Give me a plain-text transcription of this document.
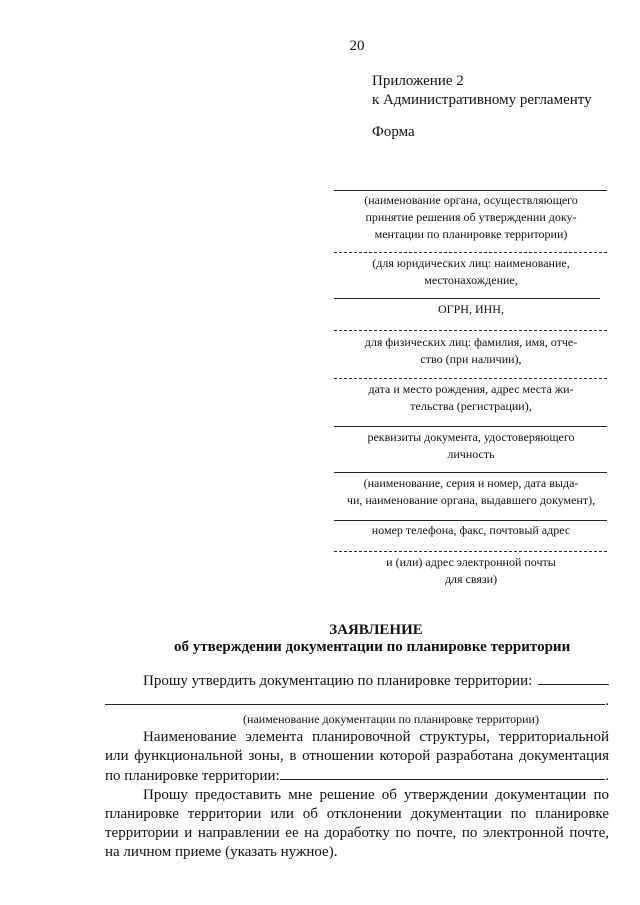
20
Приложение 2
к Административному регламенту
Форма
(наименование органа, осуществляющего
принятие решения об утверждении доку-
ментации по планировке территории)
(для юридических лиц: наименование,
местонахождение,
ОГРН, ИНН,
для физических лиц: фамилия, имя, отче-
ство (при наличии),
дата и место рождения, адрес места жи-
тельства (регистрации),
реквизиты документа, удостоверяющего
личность
(наименование, серия и номер, дата выда-
чи, наименование органа, выдавшего документ),
номер телефона, факс, почтовый адрес
и (или) адрес электронной почты
для связи)
ЗАЯВЛЕНИЕ
об утверждении документации по планировке территории
Прошу утвердить документацию по планировке территории:
.
(наименование документации по планировке территории)
Наименование элемента планировочной структуры, территориальной
или функциональной зоны, в отношении которой разработана документация
по планировке территории:	.
Прошу предоставить мне решение об утверждении документации по
планировке территории или об отклонении документации по планировке
территории и направлении ее на доработку по почте, по электронной почте,
на личном приеме (указать нужное).
